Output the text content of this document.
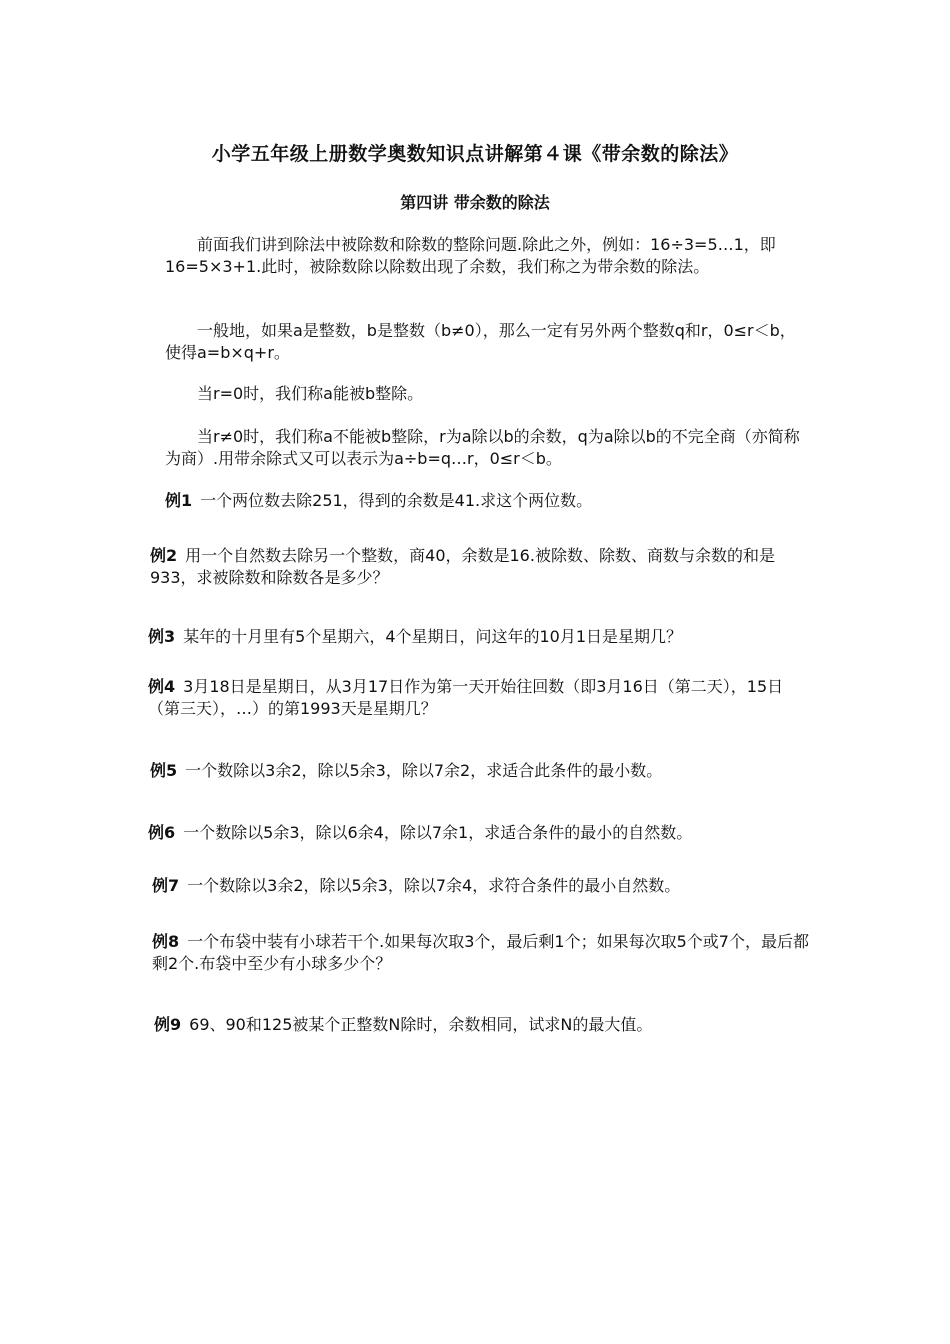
小学五年级上册数学奥数知识点讲解第４课《带余数的除法》
第四讲 带余数的除法

前面我们讲到除法中被除数和除数的整除问题.除此之外，例如：16÷3=5…1，即16=5×3+1.此时，被除数除以除数出现了余数，我们称之为带余数的除法。

一般地，如果a是整数，b是整数（b≠0），那么一定有另外两个整数q和r，0≤r＜b，使得a=b×q+r。

当r=0时，我们称a能被b整除。

当r≠0时，我们称a不能被b整除，r为a除以b的余数，q为a除以b的不完全商（亦简称为商）.用带余除式又可以表示为a÷b=q…r，0≤r＜b。

例1 一个两位数去除251，得到的余数是41.求这个两位数。

例2 用一个自然数去除另一个整数，商40，余数是16.被除数、除数、商数与余数的和是933，求被除数和除数各是多少？

例3 某年的十月里有5个星期六，4个星期日，问这年的10月1日是星期几？

例4 3月18日是星期日，从3月17日作为第一天开始往回数（即3月16日（第二天），15日（第三天），…）的第1993天是星期几？

例5 一个数除以3余2，除以5余3，除以7余2，求适合此条件的最小数。

例6 一个数除以5余3，除以6余4，除以7余1，求适合条件的最小的自然数。

例7 一个数除以3余2，除以5余3，除以7余4，求符合条件的最小自然数。

例8 一个布袋中装有小球若干个.如果每次取3个，最后剩1个；如果每次取5个或7个，最后都剩2个.布袋中至少有小球多少个？

例9 69、90和125被某个正整数N除时，余数相同，试求N的最大值。
